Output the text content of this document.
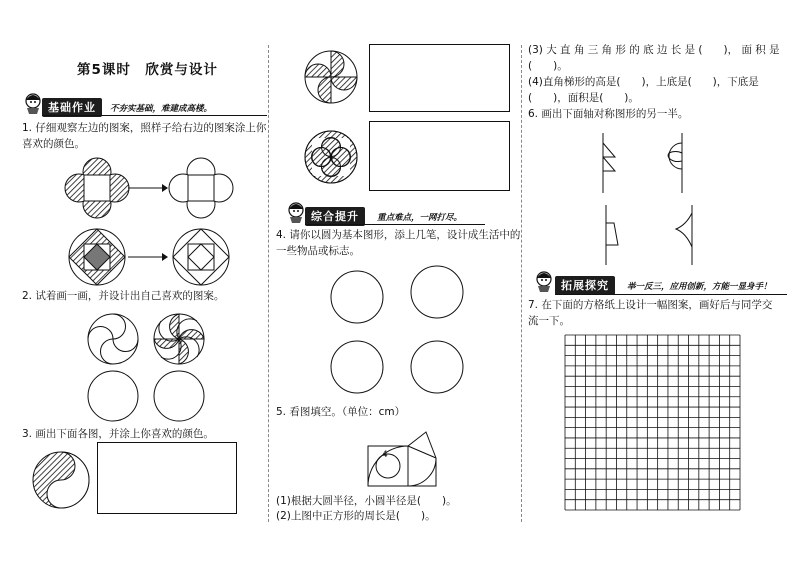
第5课时　欣赏与设计
基础作业	不夯实基础，难建成高楼。
1. 仔细观察左边的图案，照样子给右边的图案涂上你
喜欢的颜色。
2. 试着画一画，并设计出自己喜欢的图案。
3. 画出下面各图，并涂上你喜欢的颜色。
综合提升	重点难点，一网打尽。
4. 请你以圆为基本图形，添上几笔，设计成生活中的
一些物品或标志。
5. 看图填空。（单位：cm）
4
(1)根据大圆半径，小圆半径是(　　)。
(2)上图中正方形的周长是(　　)。
(3) 大 直 角 三 角 形 的 底 边 长 是 (　　)， 面 积 是
(　　)。
(4)直角梯形的高是(　　)，上底是(　　)，下底是
(　　)，面积是(　　)。
6. 画出下面轴对称图形的另一半。
拓展探究	举一反三，应用创新，方能一显身手！
7. 在下面的方格纸上设计一幅图案，画好后与同学交
流一下。
